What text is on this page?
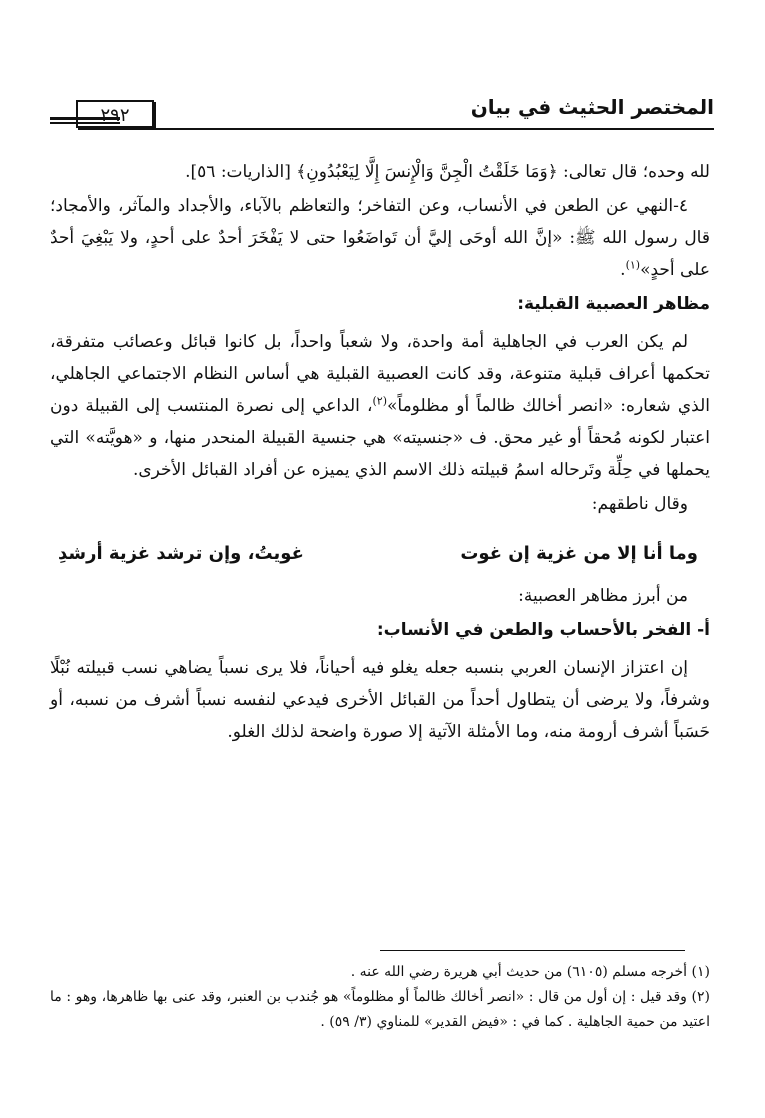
المختصر الحثيث في بيان
٢٩٢

لله وحده؛ قال تعالى: ﴿وَمَا خَلَقْتُ الْجِنَّ وَالْإِنسَ إِلَّا لِيَعْبُدُونِ﴾ [الذاريات: ٥٦].

٤-النهي عن الطعن في الأنساب، وعن التفاخر؛ والتعاظم بالآباء، والأجداد والمآثر، والأمجاد؛ قال رسول الله ﷺ: «إنَّ الله أوحَى إليَّ أن تَواضَعُوا حتى لا يَفْخَرَ أحدٌ على أحدٍ، ولا يَبْغِيَ أحدٌ على أحدٍ»$^{(١)}$.

مظاهر العصبية القبلية:

لم يكن العرب في الجاهلية أمة واحدة، ولا شعباً واحداً، بل كانوا قبائل وعصائب متفرقة، تحكمها أعراف قبلية متنوعة، وقد كانت العصبية القبلية هي أساس النظام الاجتماعي الجاهلي، الذي شعاره: «انصر أخالك ظالماً أو مظلوماً»$^{(٢)}$، الداعي إلى نصرة المنتسب إلى القبيلة دون اعتبار لكونه مُحقاً أو غير محق. ف «جنسيته» هي جنسية القبيلة المنحدر منها، و «هويَّته» التي يحملها في حِلِّة وتَرحاله اسمُ قبيلته ذلك الاسم الذي يميزه عن أفراد القبائل الأخرى.

وقال ناطقهم:

وما أنا إلا من غزية إن غوت
غويتُ، وإن ترشد غزية أرشدِ

من أبرز مظاهر العصبية:

أ- الفخر بالأحساب والطعن في الأنساب:

إن اعتزاز الإنسان العربي بنسبه جعله يغلو فيه أحياناً، فلا يرى نسباً يضاهي نسب قبيلته نُبْلًا وشرفاً، ولا يرضى أن يتطاول أحداً من القبائل الأخرى فيدعي لنفسه نسباً أشرف من نسبه، أو حَسَباً أشرف أرومة منه، وما الأمثلة الآتية إلا صورة واضحة لذلك الغلو.

(١) أخرجه مسلم (٦١٠٥) من حديث أبي هريرة رضي الله عنه .

(٢) وقد قيل : إن أول من قال : «انصر أخالك ظالماً أو مظلوماً» هو جُندب بن العنبر، وقد عنى بها ظاهرها، وهو : ما اعتيد من حمية الجاهلية . كما في : «فيض القدير» للمناوي (٣/ ٥٩) .
